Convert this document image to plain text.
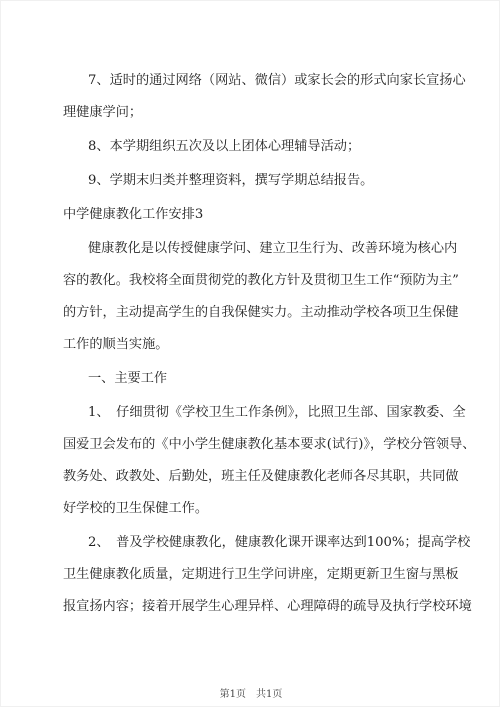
7、适时的通过网络（网站、微信）或家长会的形式向家长宣扬心
理健康学问；
8、本学期组织五次及以上团体心理辅导活动；
9、学期末归类并整理资料，撰写学期总结报告。
中学健康教化工作安排3
健康教化是以传授健康学问、建立卫生行为、改善环境为核心内
容的教化。我校将全面贯彻党的教化方针及贯彻卫生工作“预防为主”
的方针，主动提高学生的自我保健实力。主动推动学校各项卫生保健
工作的顺当实施。
一、主要工作
1、　仔细贯彻《学校卫生工作条例》，比照卫生部、国家教委、全
国爱卫会发布的《中小学生健康教化基本要求(试行)》，学校分管领导、
教务处、政教处、后勤处，班主任及健康教化老师各尽其职，共同做
好学校的卫生保健工作。
2、　普及学校健康教化，健康教化课开课率达到100%；提高学校
卫生健康教化质量，定期进行卫生学问讲座，定期更新卫生窗与黑板
报宣扬内容；接着开展学生心理异样、心理障碍的疏导及执行学校环境
第1页　共1页
